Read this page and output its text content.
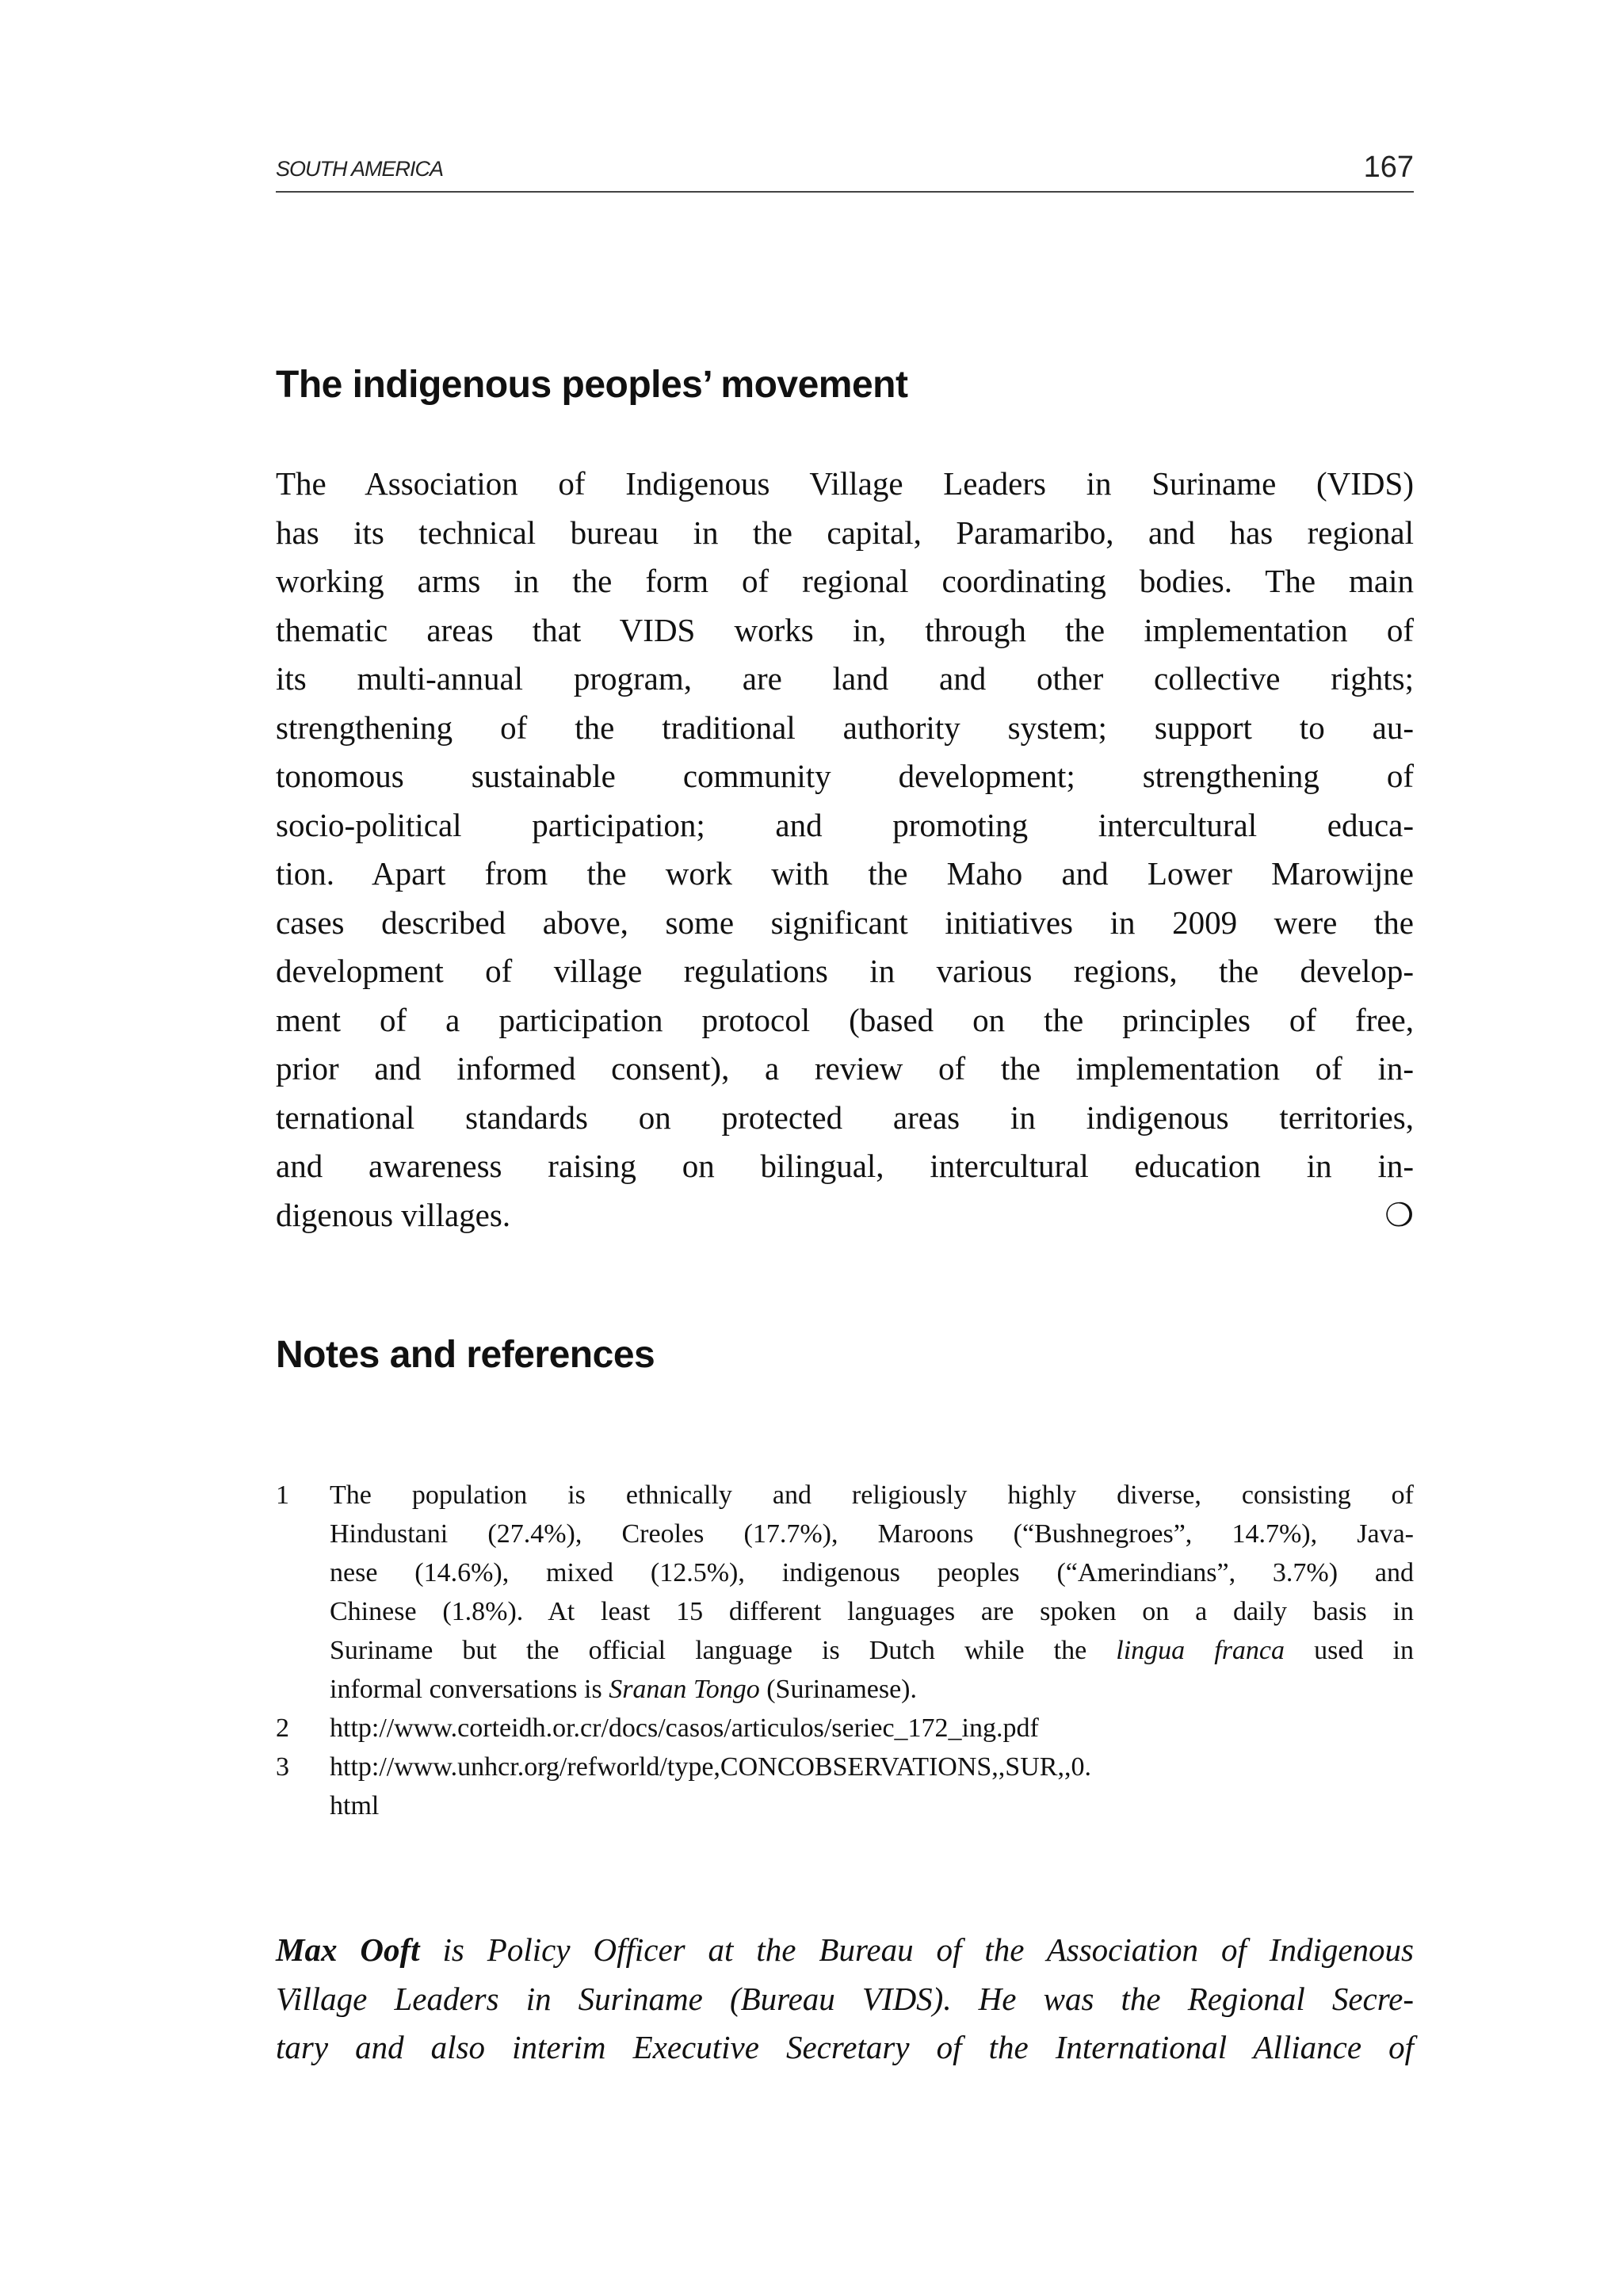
SOUTH AMERICA	167
The indigenous peoples’ movement
The Association of Indigenous Village Leaders in Suriname (VIDS)
has its technical bureau in the capital, Paramaribo, and has regional
working arms in the form of regional coordinating bodies. The main
thematic areas that VIDS works in, through the implementation of
its multi-annual program, are land and other collective rights;
strengthening of the traditional authority system; support to au-
tonomous sustainable community development; strengthening of
socio-political participation; and promoting intercultural educa-
tion. Apart from the work with the Maho and Lower Marowijne
cases described above, some significant initiatives in 2009 were the
development of village regulations in various regions, the develop-
ment of a participation protocol (based on the principles of free,
prior and informed consent), a review of the implementation of in-
ternational standards on protected areas in indigenous territories,
and awareness raising on bilingual, intercultural education in in-
digenous villages.	❍
Notes and references
1 The population is ethnically and religiously highly diverse, consisting of
Hindustani (27.4%), Creoles (17.7%), Maroons (“Bushnegroes”, 14.7%), Java-
nese (14.6%), mixed (12.5%), indigenous peoples (“Amerindians”, 3.7%) and
Chinese (1.8%). At least 15 different languages are spoken on a daily basis in
Suriname but the official language is Dutch while the lingua franca used in
informal conversations is Sranan Tongo (Surinamese).
2 http://www.corteidh.or.cr/docs/casos/articulos/seriec_172_ing.pdf
3 http://www.unhcr.org/refworld/type,CONCOBSERVATIONS,,SUR,,0.
html
Max Ooft is Policy Officer at the Bureau of the Association of Indigenous
Village Leaders in Suriname (Bureau VIDS). He was the Regional Secre-
tary and also interim Executive Secretary of the International Alliance of
